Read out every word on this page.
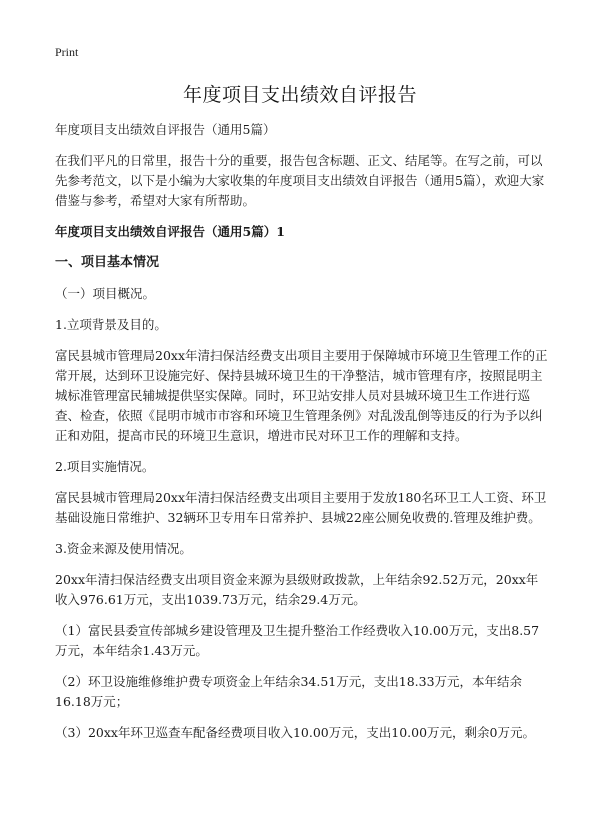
Print
年度项目支出绩效自评报告

年度项目支出绩效自评报告（通用5篇）

在我们平凡的日常里，报告十分的重要，报告包含标题、正文、结尾等。在写之前，可以先参考范文，以下是小编为大家收集的年度项目支出绩效自评报告（通用5篇），欢迎大家借鉴与参考，希望对大家有所帮助。

年度项目支出绩效自评报告（通用5篇）1

一、项目基本情况

（一）项目概况。

1.立项背景及目的。

富民县城市管理局20xx年清扫保洁经费支出项目主要用于保障城市环境卫生管理工作的正常开展，达到环卫设施完好、保持县城环境卫生的干净整洁，城市管理有序，按照昆明主城标准管理富民辅城提供坚实保障。同时，环卫站安排人员对县城环境卫生工作进行巡查、检查，依照《昆明市城市市容和环境卫生管理条例》对乱泼乱倒等违反的行为予以纠正和劝阻，提高市民的环境卫生意识，增进市民对环卫工作的理解和支持。

2.项目实施情况。

富民县城市管理局20xx年清扫保洁经费支出项目主要用于发放180名环卫工人工资、环卫基础设施日常维护、32辆环卫专用车日常养护、县城22座公厕免收费的.管理及维护费。

3.资金来源及使用情况。

20xx年清扫保洁经费支出项目资金来源为县级财政拨款，上年结余92.52万元，20xx年收入976.61万元，支出1039.73万元，结余29.4万元。

（1）富民县委宣传部城乡建设管理及卫生提升整治工作经费收入10.00万元，支出8.57万元，本年结余1.43万元。

（2）环卫设施维修维护费专项资金上年结余34.51万元，支出18.33万元，本年结余16.18万元；

（3）20xx年环卫巡查车配备经费项目收入10.00万元，支出10.00万元，剩余0万元。
